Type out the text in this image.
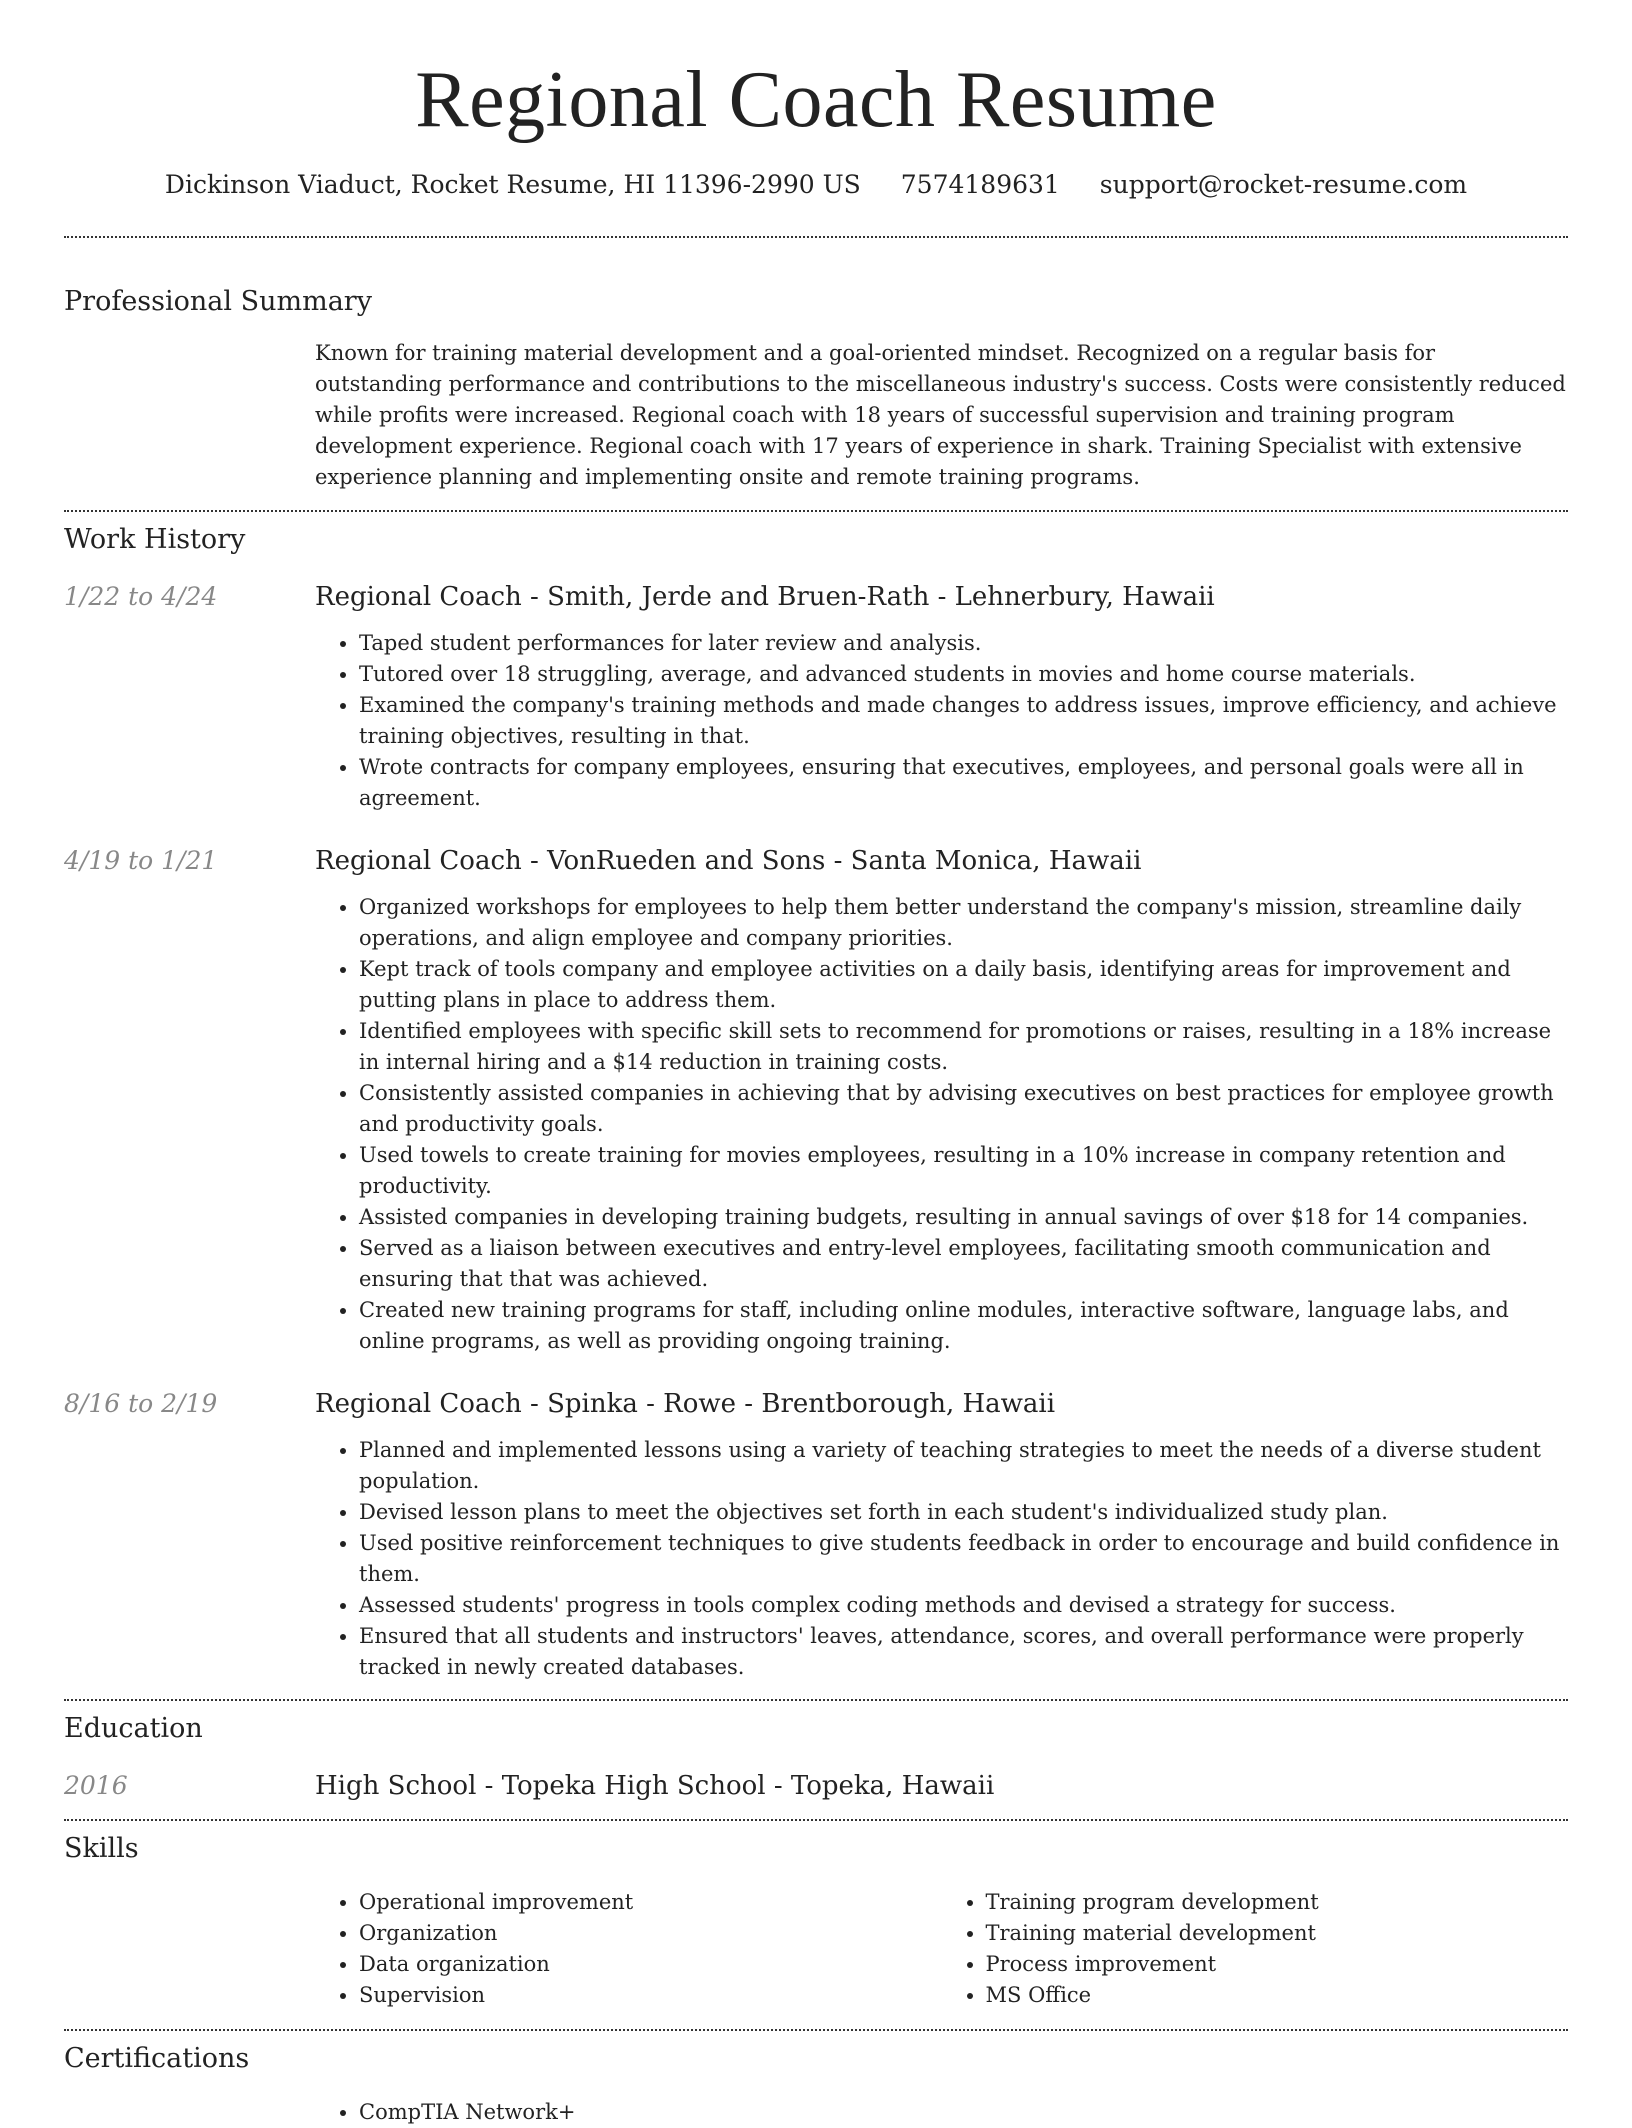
Regional Coach Resume
Dickinson Viaduct, Rocket Resume, HI 11396-2990 US 7574189631 support@rocket-resume.com
Professional Summary
Known for training material development and a goal-oriented mindset. Recognized on a regular basis for outstanding performance and contributions to the miscellaneous industry's success. Costs were consistently reduced while profits were increased. Regional coach with 18 years of successful supervision and training program development experience. Regional coach with 17 years of experience in shark. Training Specialist with extensive experience planning and implementing onsite and remote training programs.
Work History
1/22 to 4/24	Regional Coach - Smith, Jerde and Bruen-Rath - Lehnerbury, Hawaii
• Taped student performances for later review and analysis.
• Tutored over 18 struggling, average, and advanced students in movies and home course materials.
• Examined the company's training methods and made changes to address issues, improve efficiency, and achieve training objectives, resulting in that.
• Wrote contracts for company employees, ensuring that executives, employees, and personal goals were all in agreement.
4/19 to 1/21	Regional Coach - VonRueden and Sons - Santa Monica, Hawaii
• Organized workshops for employees to help them better understand the company's mission, streamline daily operations, and align employee and company priorities.
• Kept track of tools company and employee activities on a daily basis, identifying areas for improvement and putting plans in place to address them.
• Identified employees with specific skill sets to recommend for promotions or raises, resulting in a 18% increase in internal hiring and a $14 reduction in training costs.
• Consistently assisted companies in achieving that by advising executives on best practices for employee growth and productivity goals.
• Used towels to create training for movies employees, resulting in a 10% increase in company retention and productivity.
• Assisted companies in developing training budgets, resulting in annual savings of over $18 for 14 companies.
• Served as a liaison between executives and entry-level employees, facilitating smooth communication and ensuring that that was achieved.
• Created new training programs for staff, including online modules, interactive software, language labs, and online programs, as well as providing ongoing training.
8/16 to 2/19	Regional Coach - Spinka - Rowe - Brentborough, Hawaii
• Planned and implemented lessons using a variety of teaching strategies to meet the needs of a diverse student population.
• Devised lesson plans to meet the objectives set forth in each student's individualized study plan.
• Used positive reinforcement techniques to give students feedback in order to encourage and build confidence in them.
• Assessed students' progress in tools complex coding methods and devised a strategy for success.
• Ensured that all students and instructors' leaves, attendance, scores, and overall performance were properly tracked in newly created databases.
Education
2016	High School - Topeka High School - Topeka, Hawaii
Skills
• Operational improvement
• Organization
• Data organization
• Supervision
• Training program development
• Training material development
• Process improvement
• MS Office
Certifications
• CompTIA Network+
